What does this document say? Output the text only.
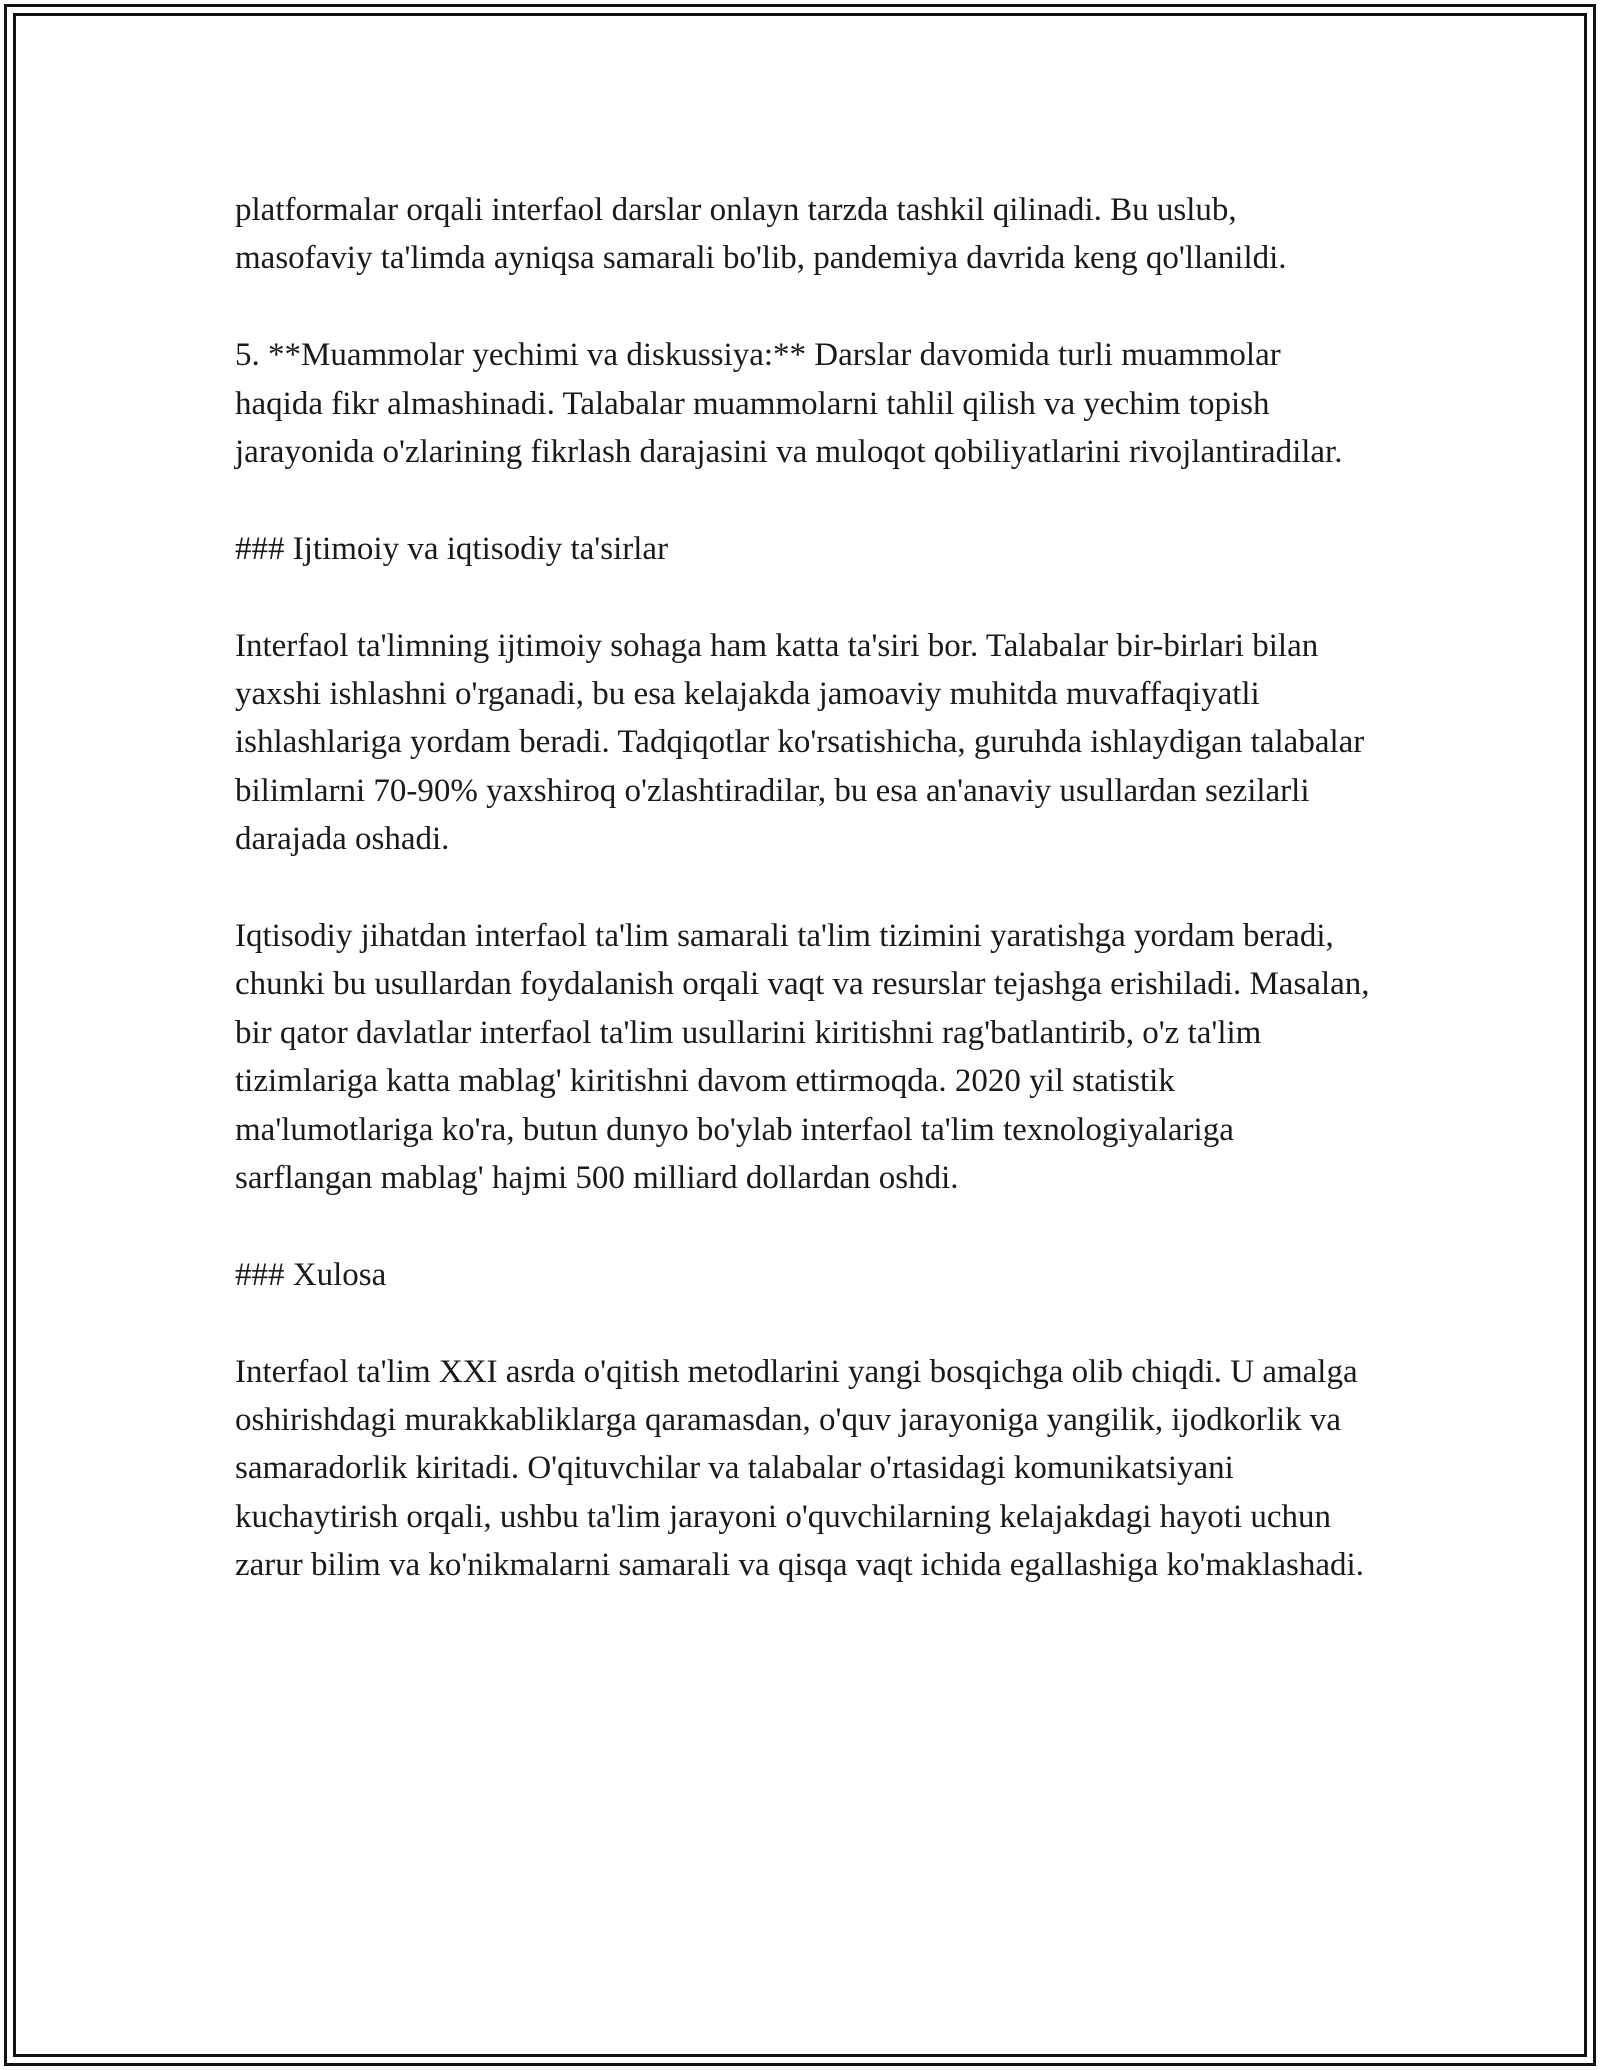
platformalar orqali interfaol darslar onlayn tarzda tashkil qilinadi. Bu uslub, masofaviy ta'limda ayniqsa samarali bo'lib, pandemiya davrida keng qo'llanildi.

5. **Muammolar yechimi va diskussiya:** Darslar davomida turli muammolar haqida fikr almashinadi. Talabalar muammolarni tahlil qilish va yechim topish jarayonida o'zlarining fikrlash darajasini va muloqot qobiliyatlarini rivojlantiradilar.

### Ijtimoiy va iqtisodiy ta'sirlar

Interfaol ta'limning ijtimoiy sohaga ham katta ta'siri bor. Talabalar bir-birlari bilan yaxshi ishlashni o'rganadi, bu esa kelajakda jamoaviy muhitda muvaffaqiyatli ishlashlariga yordam beradi. Tadqiqotlar ko'rsatishicha, guruhda ishlaydigan talabalar bilimlarni 70-90% yaxshiroq o'zlashtiradilar, bu esa an'anaviy usullardan sezilarli darajada oshadi.

Iqtisodiy jihatdan interfaol ta'lim samarali ta'lim tizimini yaratishga yordam beradi, chunki bu usullardan foydalanish orqali vaqt va resurslar tejashga erishiladi. Masalan, bir qator davlatlar interfaol ta'lim usullarini kiritishni rag'batlantirib, o'z ta'lim tizimlariga katta mablag' kiritishni davom ettirmoqda. 2020 yil statistik ma'lumotlariga ko'ra, butun dunyo bo'ylab interfaol ta'lim texnologiyalariga sarflangan mablag' hajmi 500 milliard dollardan oshdi.

### Xulosa

Interfaol ta'lim XXI asrda o'qitish metodlarini yangi bosqichga olib chiqdi. U amalga oshirishdagi murakkabliklarga qaramasdan, o'quv jarayoniga yangilik, ijodkorlik va samaradorlik kiritadi. O'qituvchilar va talabalar o'rtasidagi komunikatsiyani kuchaytirish orqali, ushbu ta'lim jarayoni o'quvchilarning kelajakdagi hayoti uchun zarur bilim va ko'nikmalarni samarali va qisqa vaqt ichida egallashiga ko'maklashadi.
